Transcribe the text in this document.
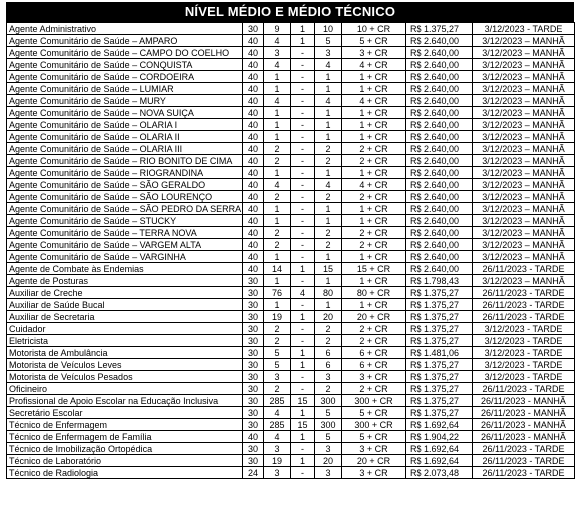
NÍVEL MÉDIO E MÉDIO TÉCNICO
Agente Administrativo	30	9	1	10	10 + CR	R$ 1.375,27	3/12/2023 - TARDE
Agente Comunitário de Saúde – AMPARO	40	4	1	5	5 + CR	R$ 2.640,00	3/12/2023 – MANHÃ
Agente Comunitário de Saúde – CAMPO DO COELHO	40	3	-	3	3 + CR	R$ 2.640,00	3/12/2023 – MANHÃ
Agente Comunitário de Saúde – CONQUISTA	40	4	-	4	4 + CR	R$ 2.640,00	3/12/2023 – MANHÃ
Agente Comunitário de Saúde – CORDOEIRA	40	1	-	1	1 + CR	R$ 2.640,00	3/12/2023 – MANHÃ
Agente Comunitário de Saúde – LUMIAR	40	1	-	1	1 + CR	R$ 2.640,00	3/12/2023 – MANHÃ
Agente Comunitário de Saúde – MURY	40	4	-	4	4 + CR	R$ 2.640,00	3/12/2023 – MANHÃ
Agente Comunitário de Saúde – NOVA SUIÇA	40	1	-	1	1 + CR	R$ 2.640,00	3/12/2023 – MANHÃ
Agente Comunitário de Saúde – OLARIA I	40	1	-	1	1 + CR	R$ 2.640,00	3/12/2023 – MANHÃ
Agente Comunitário de Saúde – OLARIA II	40	1	-	1	1 + CR	R$ 2.640,00	3/12/2023 – MANHÃ
Agente Comunitário de Saúde – OLARIA III	40	2	-	2	2 + CR	R$ 2.640,00	3/12/2023 – MANHÃ
Agente Comunitário de Saúde – RIO BONITO DE CIMA	40	2	-	2	2 + CR	R$ 2.640,00	3/12/2023 – MANHÃ
Agente Comunitário de Saúde – RIOGRANDINA	40	1	-	1	1 + CR	R$ 2.640,00	3/12/2023 – MANHÃ
Agente Comunitário de Saúde – SÃO GERALDO	40	4	-	4	4 + CR	R$ 2.640,00	3/12/2023 – MANHÃ
Agente Comunitário de Saúde – SÃO LOURENÇO	40	2	-	2	2 + CR	R$ 2.640,00	3/12/2023 – MANHÃ
Agente Comunitário de Saúde – SÃO PEDRO DA SERRA	40	1	-	1	1 + CR	R$ 2.640,00	3/12/2023 – MANHÃ
Agente Comunitário de Saúde – STUCKY	40	1	-	1	1 + CR	R$ 2.640,00	3/12/2023 – MANHÃ
Agente Comunitário de Saúde – TERRA NOVA	40	2	-	2	2 + CR	R$ 2.640,00	3/12/2023 – MANHÃ
Agente Comunitário de Saúde – VARGEM ALTA	40	2	-	2	2 + CR	R$ 2.640,00	3/12/2023 – MANHÃ
Agente Comunitário de Saúde – VARGINHA	40	1	-	1	1 + CR	R$ 2.640,00	3/12/2023 – MANHÃ
Agente de Combate às Endemias	40	14	1	15	15 + CR	R$ 2.640,00	26/11/2023 - TARDE
Agente de Posturas	30	1	-	1	1 + CR	R$ 1.798,43	3/12/2023 – MANHÃ
Auxiliar de Creche	30	76	4	80	80 + CR	R$ 1.375,27	26/11/2023 - TARDE
Auxiliar de Saúde Bucal	30	1	-	1	1 + CR	R$ 1.375,27	26/11/2023 - TARDE
Auxiliar de Secretaria	30	19	1	20	20 + CR	R$ 1.375,27	26/11/2023 - TARDE
Cuidador	30	2	-	2	2 + CR	R$ 1.375,27	3/12/2023 - TARDE
Eletricista	30	2	-	2	2 + CR	R$ 1.375,27	3/12/2023 - TARDE
Motorista de Ambulância	30	5	1	6	6 + CR	R$ 1.481,06	3/12/2023 - TARDE
Motorista de Veículos Leves	30	5	1	6	6 + CR	R$ 1.375,27	3/12/2023 - TARDE
Motorista de Veículos Pesados	30	3	-	3	3 + CR	R$ 1.375,27	3/12/2023 - TARDE
Oficineiro	30	2	-	2	2 + CR	R$ 1.375,27	26/11/2023 - TARDE
Profissional de Apoio Escolar na Educação Inclusiva	30	285	15	300	300 + CR	R$ 1.375,27	26/11/2023 - MANHÃ
Secretário Escolar	30	4	1	5	5 + CR	R$ 1.375,27	26/11/2023 - MANHÃ
Técnico de Enfermagem	30	285	15	300	300 + CR	R$ 1.692,64	26/11/2023 - MANHÃ
Técnico de Enfermagem de Família	40	4	1	5	5 + CR	R$ 1.904,22	26/11/2023 - MANHÃ
Técnico de Imobilização Ortopédica	30	3	-	3	3 + CR	R$ 1.692,64	26/11/2023 - TARDE
Técnico de Laboratório	30	19	1	20	20 + CR	R$ 1.692,64	26/11/2023 - TARDE
Técnico de Radiologia	24	3	-	3	3 + CR	R$ 2.073,48	26/11/2023 - TARDE
